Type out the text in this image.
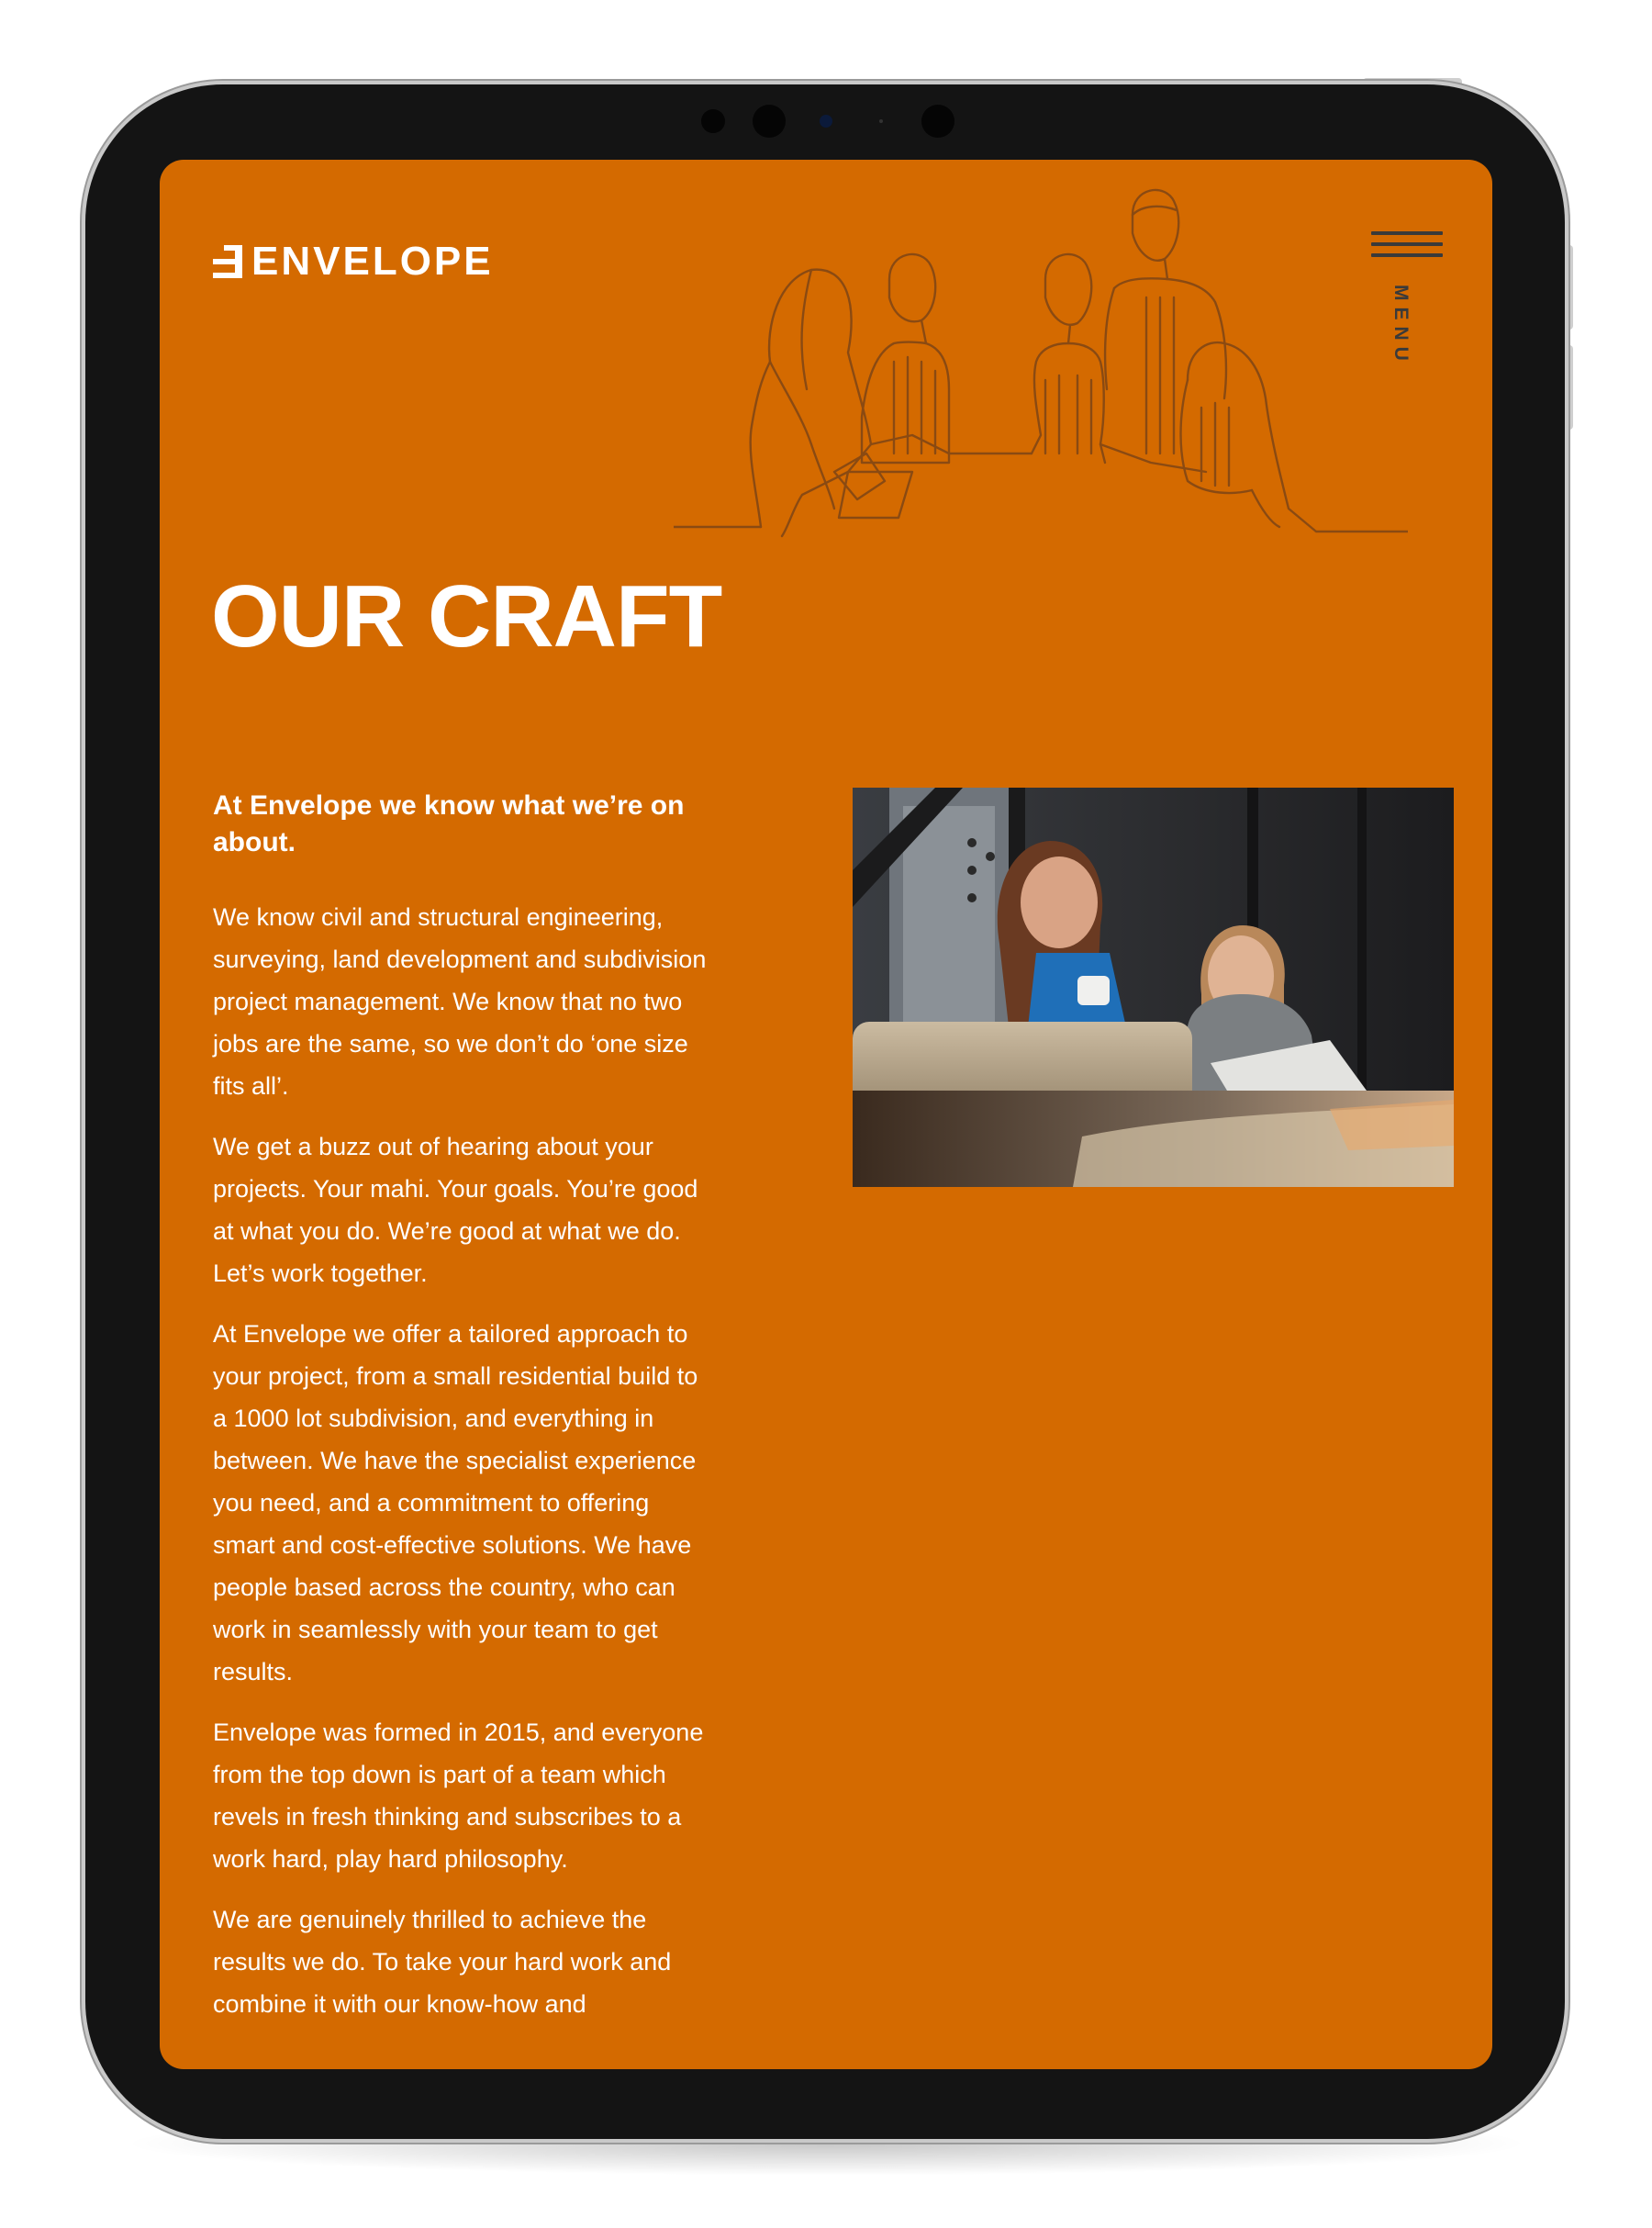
ENVELOPE
MENU
OUR CRAFT

At Envelope we know what we’re on about.

We know civil and structural engineering, surveying, land development and subdivision project management. We know that no two jobs are the same, so we don’t do ‘one size fits all’.

We get a buzz out of hearing about your projects. Your mahi. Your goals. You’re good at what you do. We’re good at what we do. Let’s work together.

At Envelope we offer a tailored approach to your project, from a small residential build to a 1000 lot subdivision, and everything in between. We have the specialist experience you need, and a commitment to offering smart and cost-effective solutions. We have people based across the country, who can work in seamlessly with your team to get results.

Envelope was formed in 2015, and everyone from the top down is part of a team which revels in fresh thinking and subscribes to a work hard, play hard philosophy.

We are genuinely thrilled to achieve the results we do. To take your hard work and combine it with our know-how and
